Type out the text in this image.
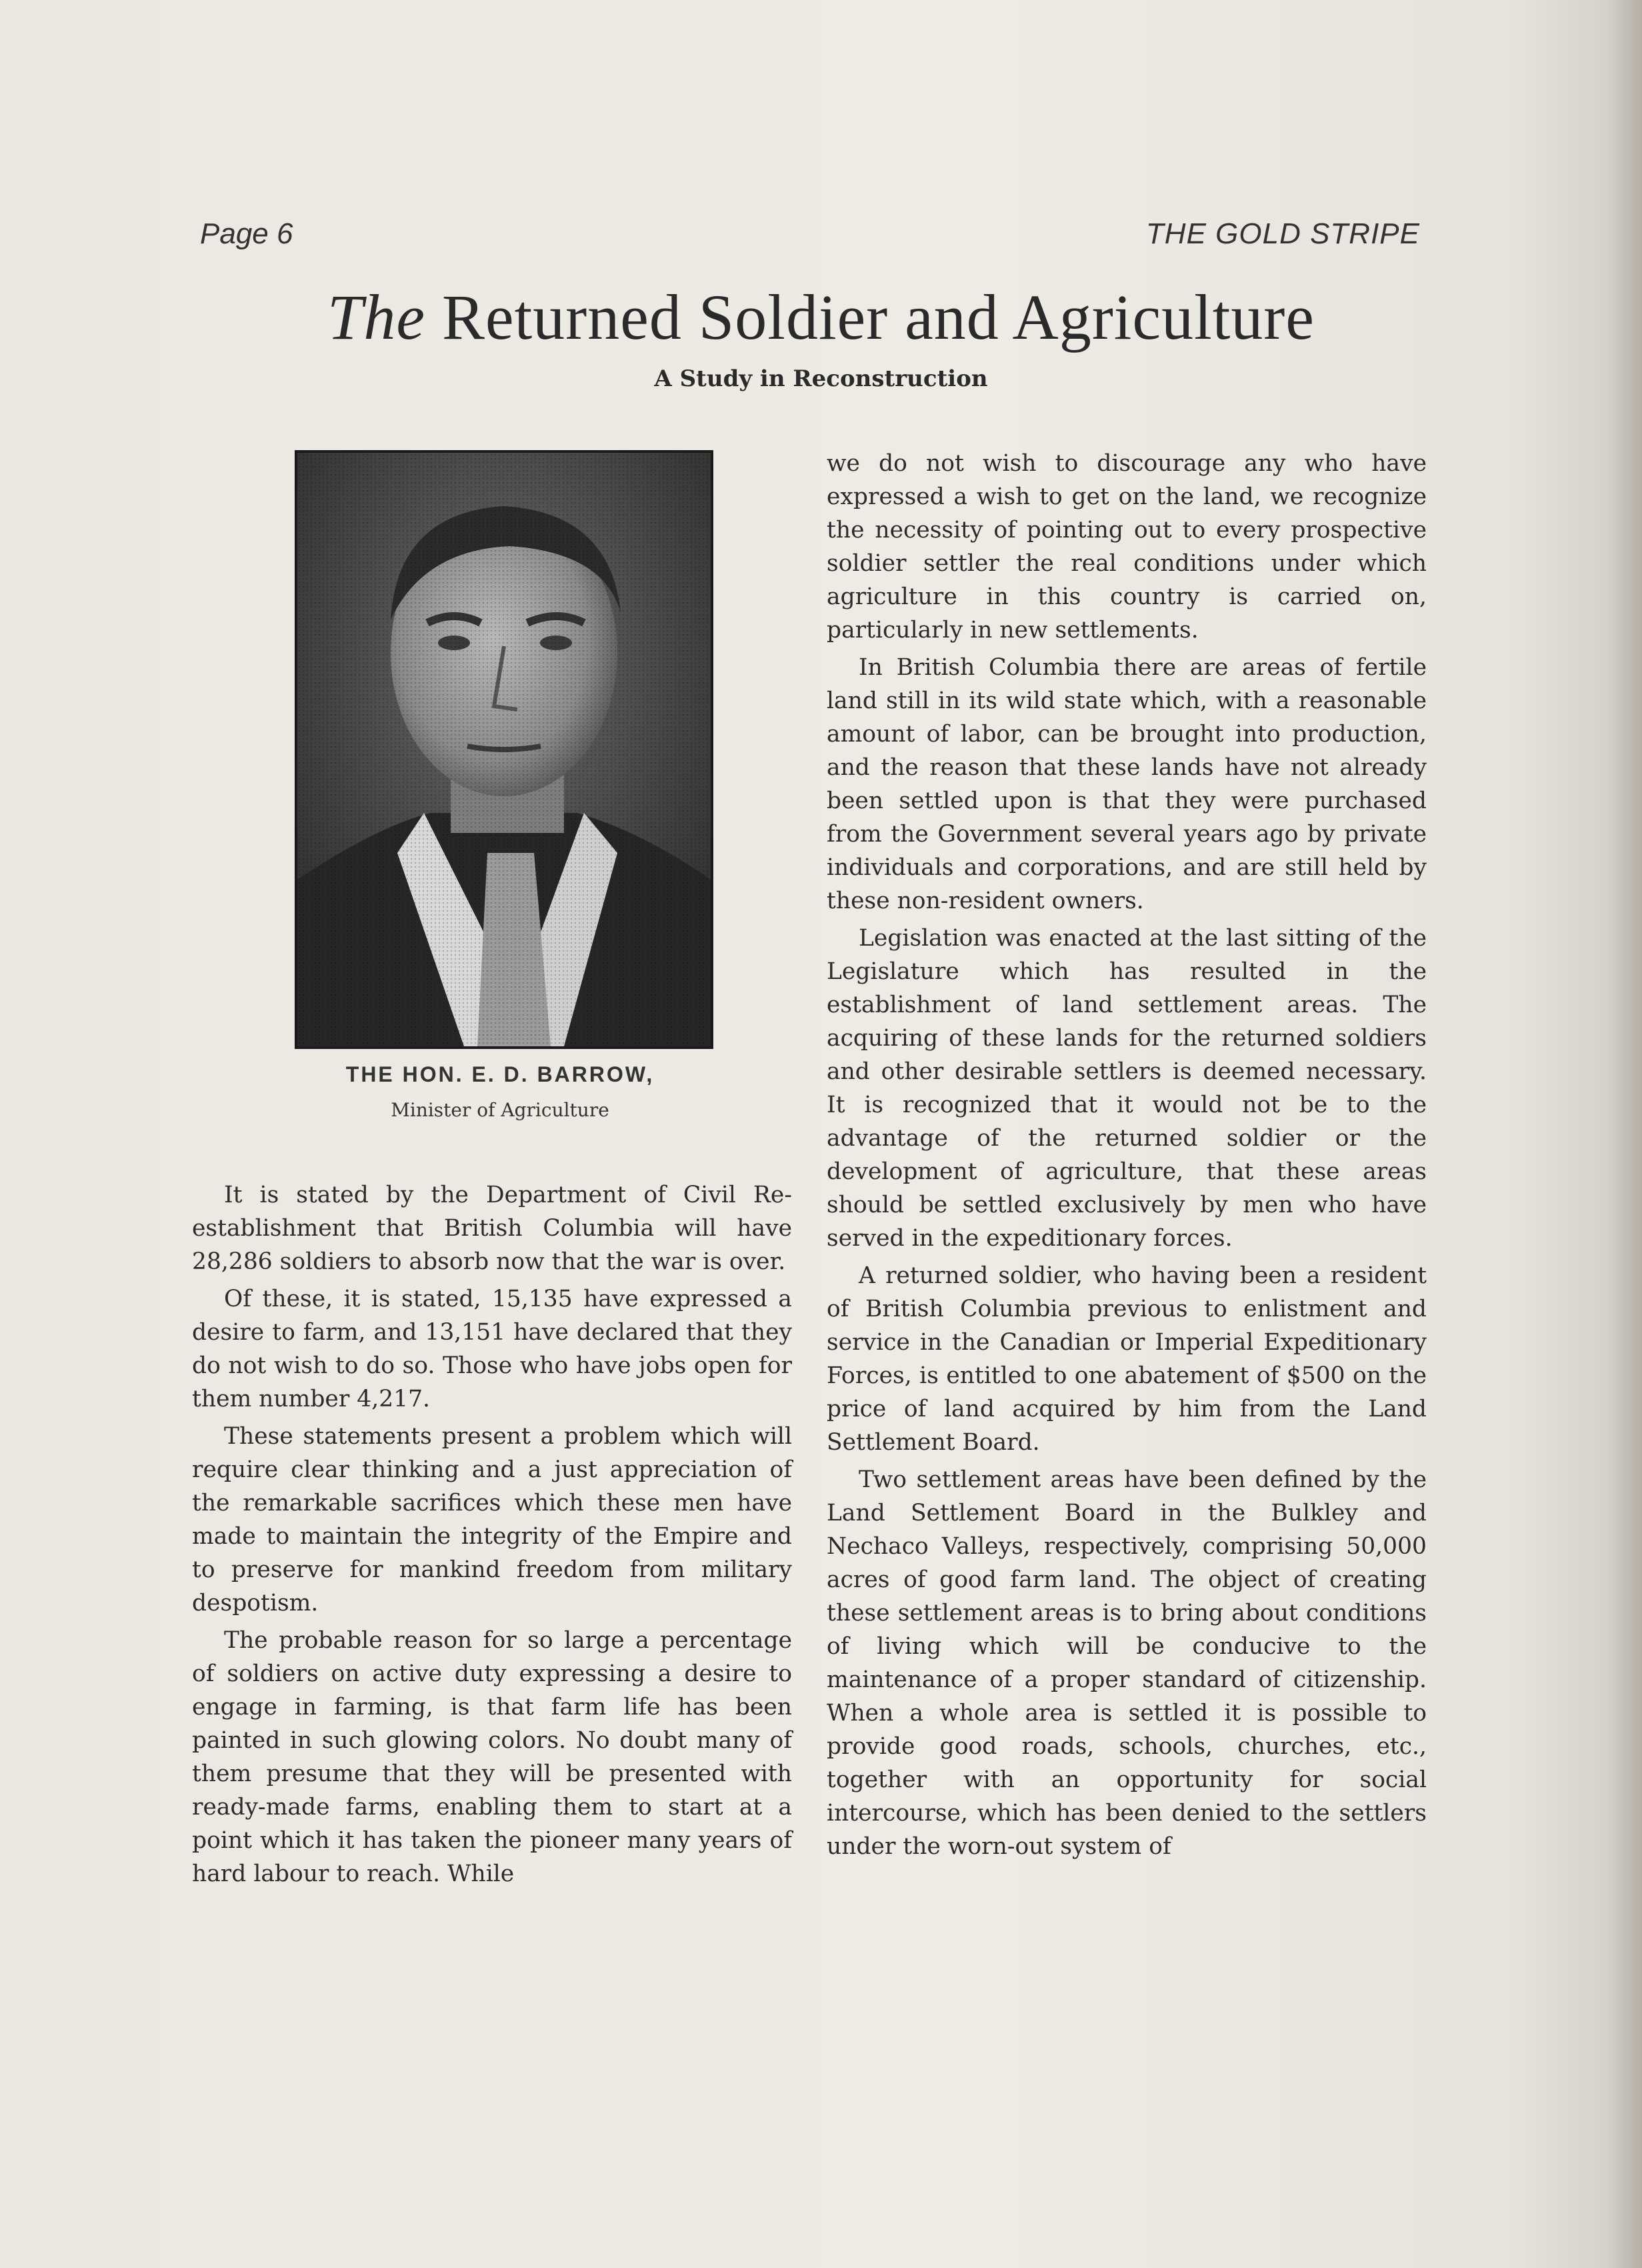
Page 6	THE GOLD STRIPE
The Returned Soldier and Agriculture
A Study in Reconstruction
THE HON. E. D. BARROW,
Minister of Agriculture

It is stated by the Department of Civil Re-establishment that British Columbia will have 28,286 soldiers to absorb now that the war is over.

Of these, it is stated, 15,135 have expressed a desire to farm, and 13,151 have declared that they do not wish to do so. Those who have jobs open for them number 4,217.

These statements present a problem which will require clear thinking and a just appreciation of the remarkable sacrifices which these men have made to maintain the integrity of the Empire and to preserve for mankind freedom from military despotism.

The probable reason for so large a percentage of soldiers on active duty expressing a desire to engage in farming, is that farm life has been painted in such glowing colors. No doubt many of them presume that they will be presented with ready-made farms, enabling them to start at a point which it has taken the pioneer many years of hard labour to reach. While

we do not wish to discourage any who have expressed a wish to get on the land, we recognize the necessity of pointing out to every prospective soldier settler the real conditions under which agriculture in this country is carried on, particularly in new settlements.

In British Columbia there are areas of fertile land still in its wild state which, with a reasonable amount of labor, can be brought into production, and the reason that these lands have not already been settled upon is that they were purchased from the Government several years ago by private individuals and corporations, and are still held by these non-resident owners.

Legislation was enacted at the last sitting of the Legislature which has resulted in the establishment of land settlement areas. The acquiring of these lands for the returned soldiers and other desirable settlers is deemed necessary. It is recognized that it would not be to the advantage of the returned soldier or the development of agriculture, that these areas should be settled exclusively by men who have served in the expeditionary forces.

A returned soldier, who having been a resident of British Columbia previous to enlistment and service in the Canadian or Imperial Expeditionary Forces, is entitled to one abatement of $500 on the price of land acquired by him from the Land Settlement Board.

Two settlement areas have been defined by the Land Settlement Board in the Bulkley and Nechaco Valleys, respectively, comprising 50,000 acres of good farm land. The object of creating these settlement areas is to bring about conditions of living which will be conducive to the maintenance of a proper standard of citizenship. When a whole area is settled it is possible to provide good roads, schools, churches, etc., together with an opportunity for social intercourse, which has been denied to the settlers under the worn-out system of
